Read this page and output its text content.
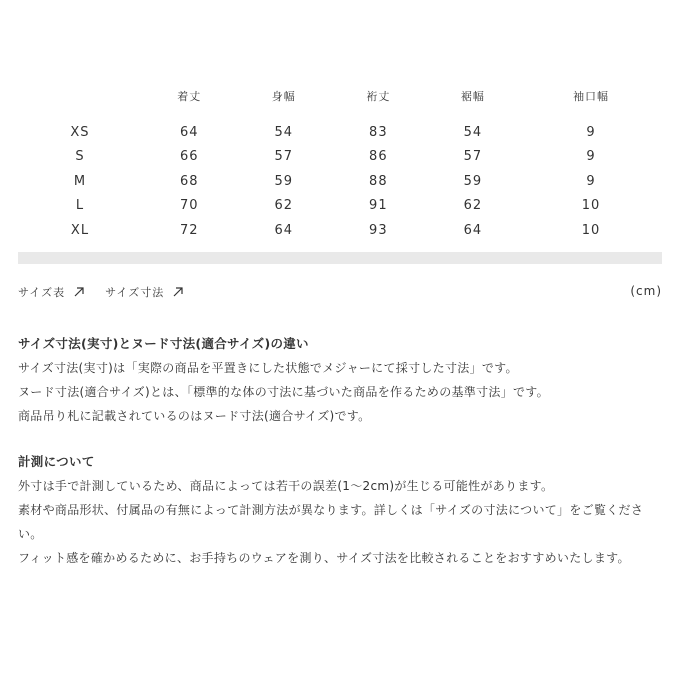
	着丈	身幅	裄丈	裾幅	袖口幅

XS	64	54	83	54	9
S	66	57	86	57	9
M	68	59	88	59	9
L	70	62	91	62	10
XL	72	64	93	64	10
サイズ表	サイズ寸法	(cm)
サイズ寸法(実寸)とヌード寸法(適合サイズ)の違い

サイズ寸法(実寸)は「実際の商品を平置きにした状態でメジャーにて採寸した寸法」です。

ヌード寸法(適合サイズ)とは、「標準的な体の寸法に基づいた商品を作るための基準寸法」です。

商品吊り札に記載されているのはヌード寸法(適合サイズ)です。

計測について

外寸は手で計測しているため、商品によっては若干の誤差(1〜2cm)が生じる可能性があります。

素材や商品形状、付属品の有無によって計測方法が異なります。詳しくは「サイズの寸法について」をご覧ください。

フィット感を確かめるために、お手持ちのウェアを測り、サイズ寸法を比較されることをおすすめいたします。
